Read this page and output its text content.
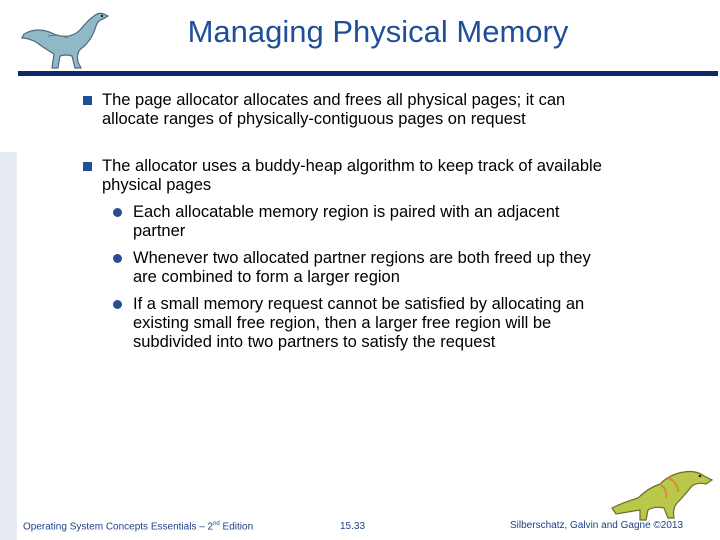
Managing Physical Memory
The page allocator allocates and frees all physical pages; it can allocate ranges of physically-contiguous pages on request
The allocator uses a buddy-heap algorithm to keep track of available physical pages
Each allocatable memory region is paired with an adjacent partner
Whenever two allocated partner regions are both freed up they are combined to form a larger region
If a small memory request cannot be satisfied by allocating an existing small free region, then a larger free region will be subdivided into two partners to satisfy the request
Operating System Concepts Essentials – 2nd Edition	15.33	Silberschatz, Galvin and Gagne ©2013
